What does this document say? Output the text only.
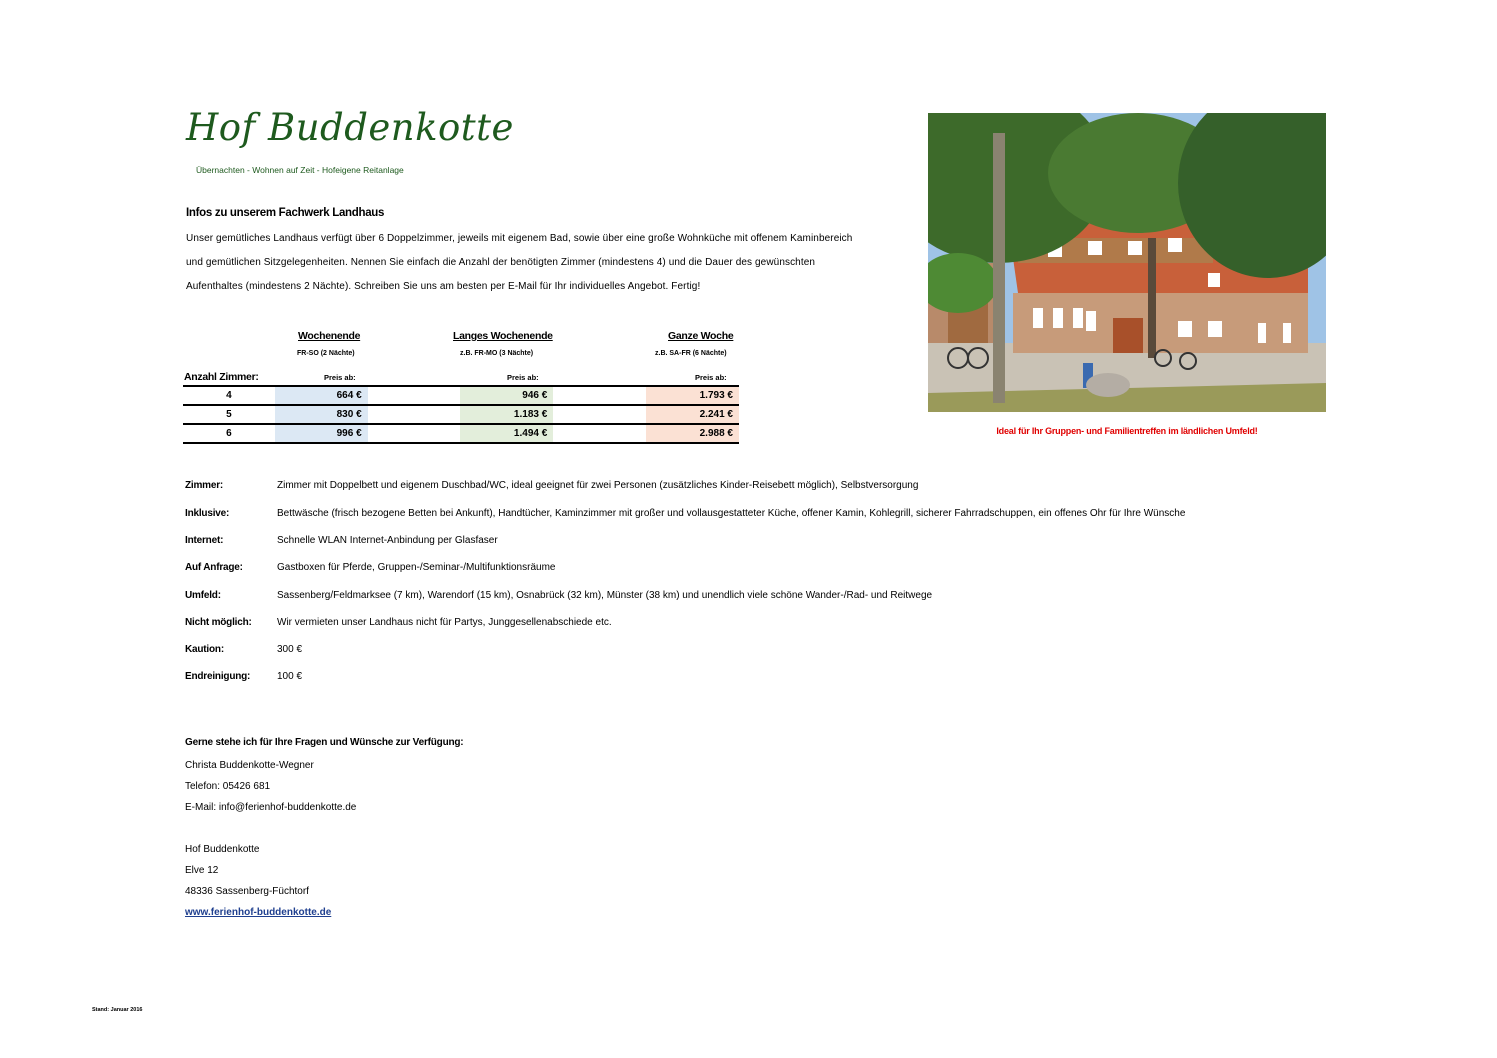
Hof Buddenkotte
Übernachten - Wohnen auf Zeit - Hofeigene Reitanlage
Infos zu unserem Fachwerk Landhaus
Unser gemütliches Landhaus verfügt über 6 Doppelzimmer, jeweils mit eigenem Bad, sowie über eine große Wohnküche mit offenem Kaminbereich
und gemütlichen Sitzgelegenheiten. Nennen Sie einfach die Anzahl der benötigten Zimmer (mindestens 4) und die Dauer des gewünschten
Aufenthaltes (mindestens 2 Nächte). Schreiben Sie uns am besten per E-Mail für Ihr individuelles Angebot. Fertig!
Ideal für Ihr Gruppen- und Familientreffen im ländlichen Umfeld!
Wochenende
FR-SO (2 Nächte)
Langes Wochenende
z.B. FR-MO (3 Nächte)
Ganze Woche
z.B. SA-FR (6 Nächte)
Anzahl Zimmer:	Preis ab:	Preis ab:	Preis ab:
4	664 €		946 €		1.793 €
5	830 €		1.183 €		2.241 €
6	996 €		1.494 €		2.988 €
Zimmer:	Zimmer mit Doppelbett und eigenem Duschbad/WC, ideal geeignet für zwei Personen (zusätzliches Kinder-Reisebett möglich), Selbstversorgung
Inklusive:	Bettwäsche (frisch bezogene Betten bei Ankunft), Handtücher, Kaminzimmer mit großer und vollausgestatteter Küche, offener Kamin, Kohlegrill, sicherer Fahrradschuppen, ein offenes Ohr für Ihre Wünsche
Internet:	Schnelle WLAN Internet-Anbindung per Glasfaser
Auf Anfrage:	Gastboxen für Pferde, Gruppen-/Seminar-/Multifunktionsräume
Umfeld:	Sassenberg/Feldmarksee (7 km), Warendorf (15 km), Osnabrück (32 km), Münster (38 km) und unendlich viele schöne Wander-/Rad- und Reitwege
Nicht möglich:	Wir vermieten unser Landhaus nicht für Partys, Junggesellenabschiede etc.
Kaution:	300 €
Endreinigung:	100 €
Gerne stehe ich für Ihre Fragen und Wünsche zur Verfügung:
Christa Buddenkotte-Wegner
Telefon: 05426 681
E-Mail: info@ferienhof-buddenkotte.de
Hof Buddenkotte
Elve 12
48336 Sassenberg-Füchtorf
www.ferienhof-buddenkotte.de
Stand: Januar 2016
